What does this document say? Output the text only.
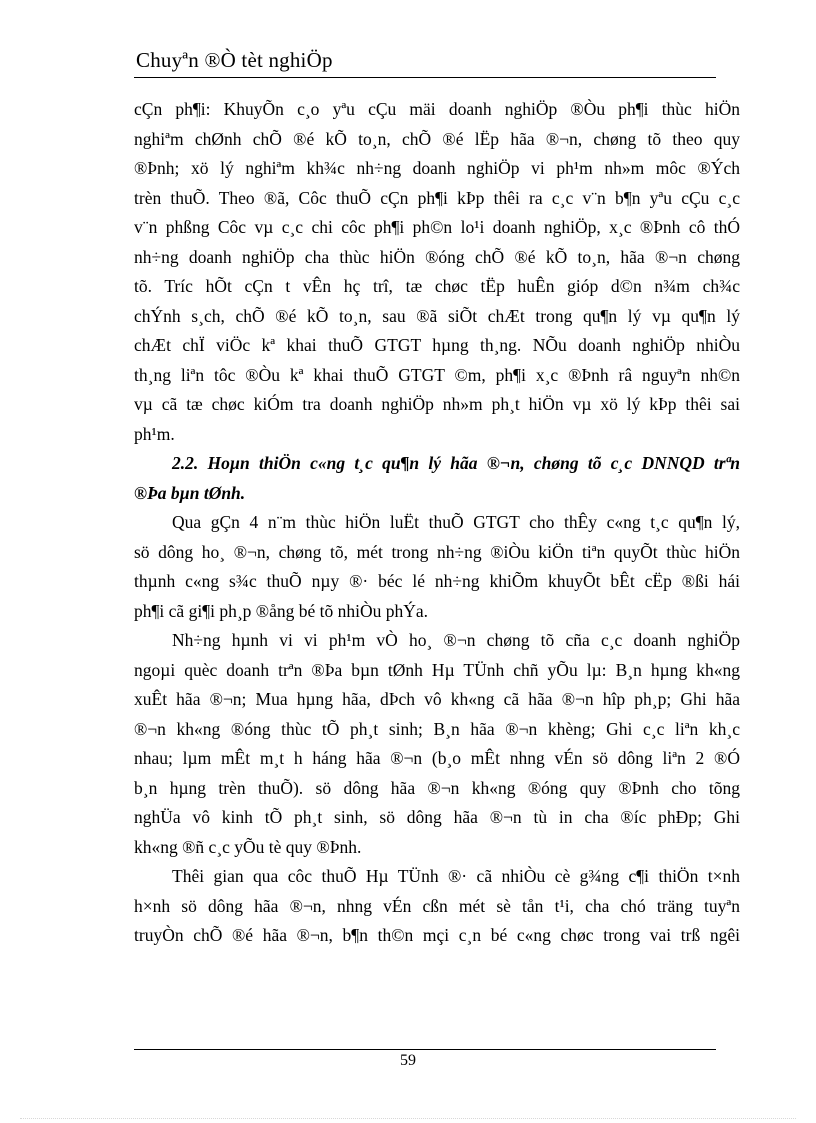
Chuyªn ®Ò tèt nghiÖp
cÇn ph¶i: KhuyÕn c¸o yªu cÇu mäi doanh nghiÖp ®Òu ph¶i thùc hiÖn
nghiªm chØnh chÕ ®é kÕ to¸n, chÕ ®é lËp hãa ®¬n, chøng tõ theo quy
®Þnh; xö lý nghiªm kh¾c nh÷ng doanh nghiÖp vi ph¹m nh»m môc ®Ých
trèn thuÕ. Theo ®ã, Côc thuÕ cÇn ph¶i kÞp thêi ra c¸c v¨n b¶n yªu cÇu c¸c
v¨n phßng Côc vµ c¸c chi côc ph¶i ph©n lo¹i doanh nghiÖp, x¸c ®Þnh cô thÓ
nh÷ng doanh nghiÖp cha thùc hiÖn ®óng chÕ ®é kÕ to¸n, hãa ®¬n chøng
tõ. Tríc hÕt cÇn t vÊn hç trî, tæ chøc tËp huÊn gióp d©n n¾m ch¾c
chÝnh s¸ch, chÕ ®é kÕ to¸n, sau ®ã siÕt chÆt trong qu¶n lý vµ qu¶n lý
chÆt chÏ viÖc kª khai thuÕ GTGT hµng th¸ng. NÕu doanh nghiÖp nhiÒu
th¸ng liªn tôc ®Òu kª khai thuÕ GTGT ©m, ph¶i x¸c ®Þnh râ nguyªn nh©n
vµ cã tæ chøc kiÓm tra doanh nghiÖp nh»m ph¸t hiÖn vµ xö lý kÞp thêi sai
ph¹m.
2.2. Hoµn thiÖn c«ng t¸c qu¶n lý hãa ®¬n, chøng tõ c¸c DNNQD trªn
®Þa bµn tØnh.
Qua gÇn 4 n¨m thùc hiÖn luËt thuÕ GTGT cho thÊy c«ng t¸c qu¶n lý,
sö dông ho¸ ®¬n, chøng tõ, mét trong nh÷ng ®iÒu kiÖn tiªn quyÕt thùc hiÖn
thµnh c«ng s¾c thuÕ nµy ®· béc lé nh÷ng khiÕm khuyÕt bÊt cËp ®ßi hái
ph¶i cã gi¶i ph¸p ®ång bé tõ nhiÒu phÝa.
Nh÷ng hµnh vi vi ph¹m vÒ ho¸ ®¬n chøng tõ cña c¸c doanh nghiÖp
ngoµi quèc doanh trªn ®Þa bµn tØnh Hµ TÜnh chñ yÕu lµ: B¸n hµng kh«ng
xuÊt hãa ®¬n; Mua hµng hãa, dÞch vô kh«ng cã hãa ®¬n hîp ph¸p; Ghi hãa
®¬n kh«ng ®óng thùc tÕ ph¸t sinh; B¸n hãa ®¬n khèng; Ghi c¸c liªn kh¸c
nhau; lµm mÊt m¸t h háng hãa ®¬n (b¸o mÊt nhng vÉn sö dông liªn 2 ®Ó
b¸n hµng trèn thuÕ). sö dông hãa ®¬n kh«ng ®óng quy ®Þnh cho tõng
nghÜa vô kinh tÕ ph¸t sinh, sö dông hãa ®¬n tù in cha ®íc phÐp; Ghi
kh«ng ®ñ c¸c yÕu tè quy ®Þnh.
Thêi gian qua côc thuÕ Hµ TÜnh ®· cã nhiÒu cè g¾ng c¶i thiÖn t×nh
h×nh sö dông hãa ®¬n, nhng vÉn cßn mét sè tån t¹i, cha chó träng tuyªn
truyÒn chÕ ®é hãa ®¬n, b¶n th©n mçi c¸n bé c«ng chøc trong vai trß ngêi
59
